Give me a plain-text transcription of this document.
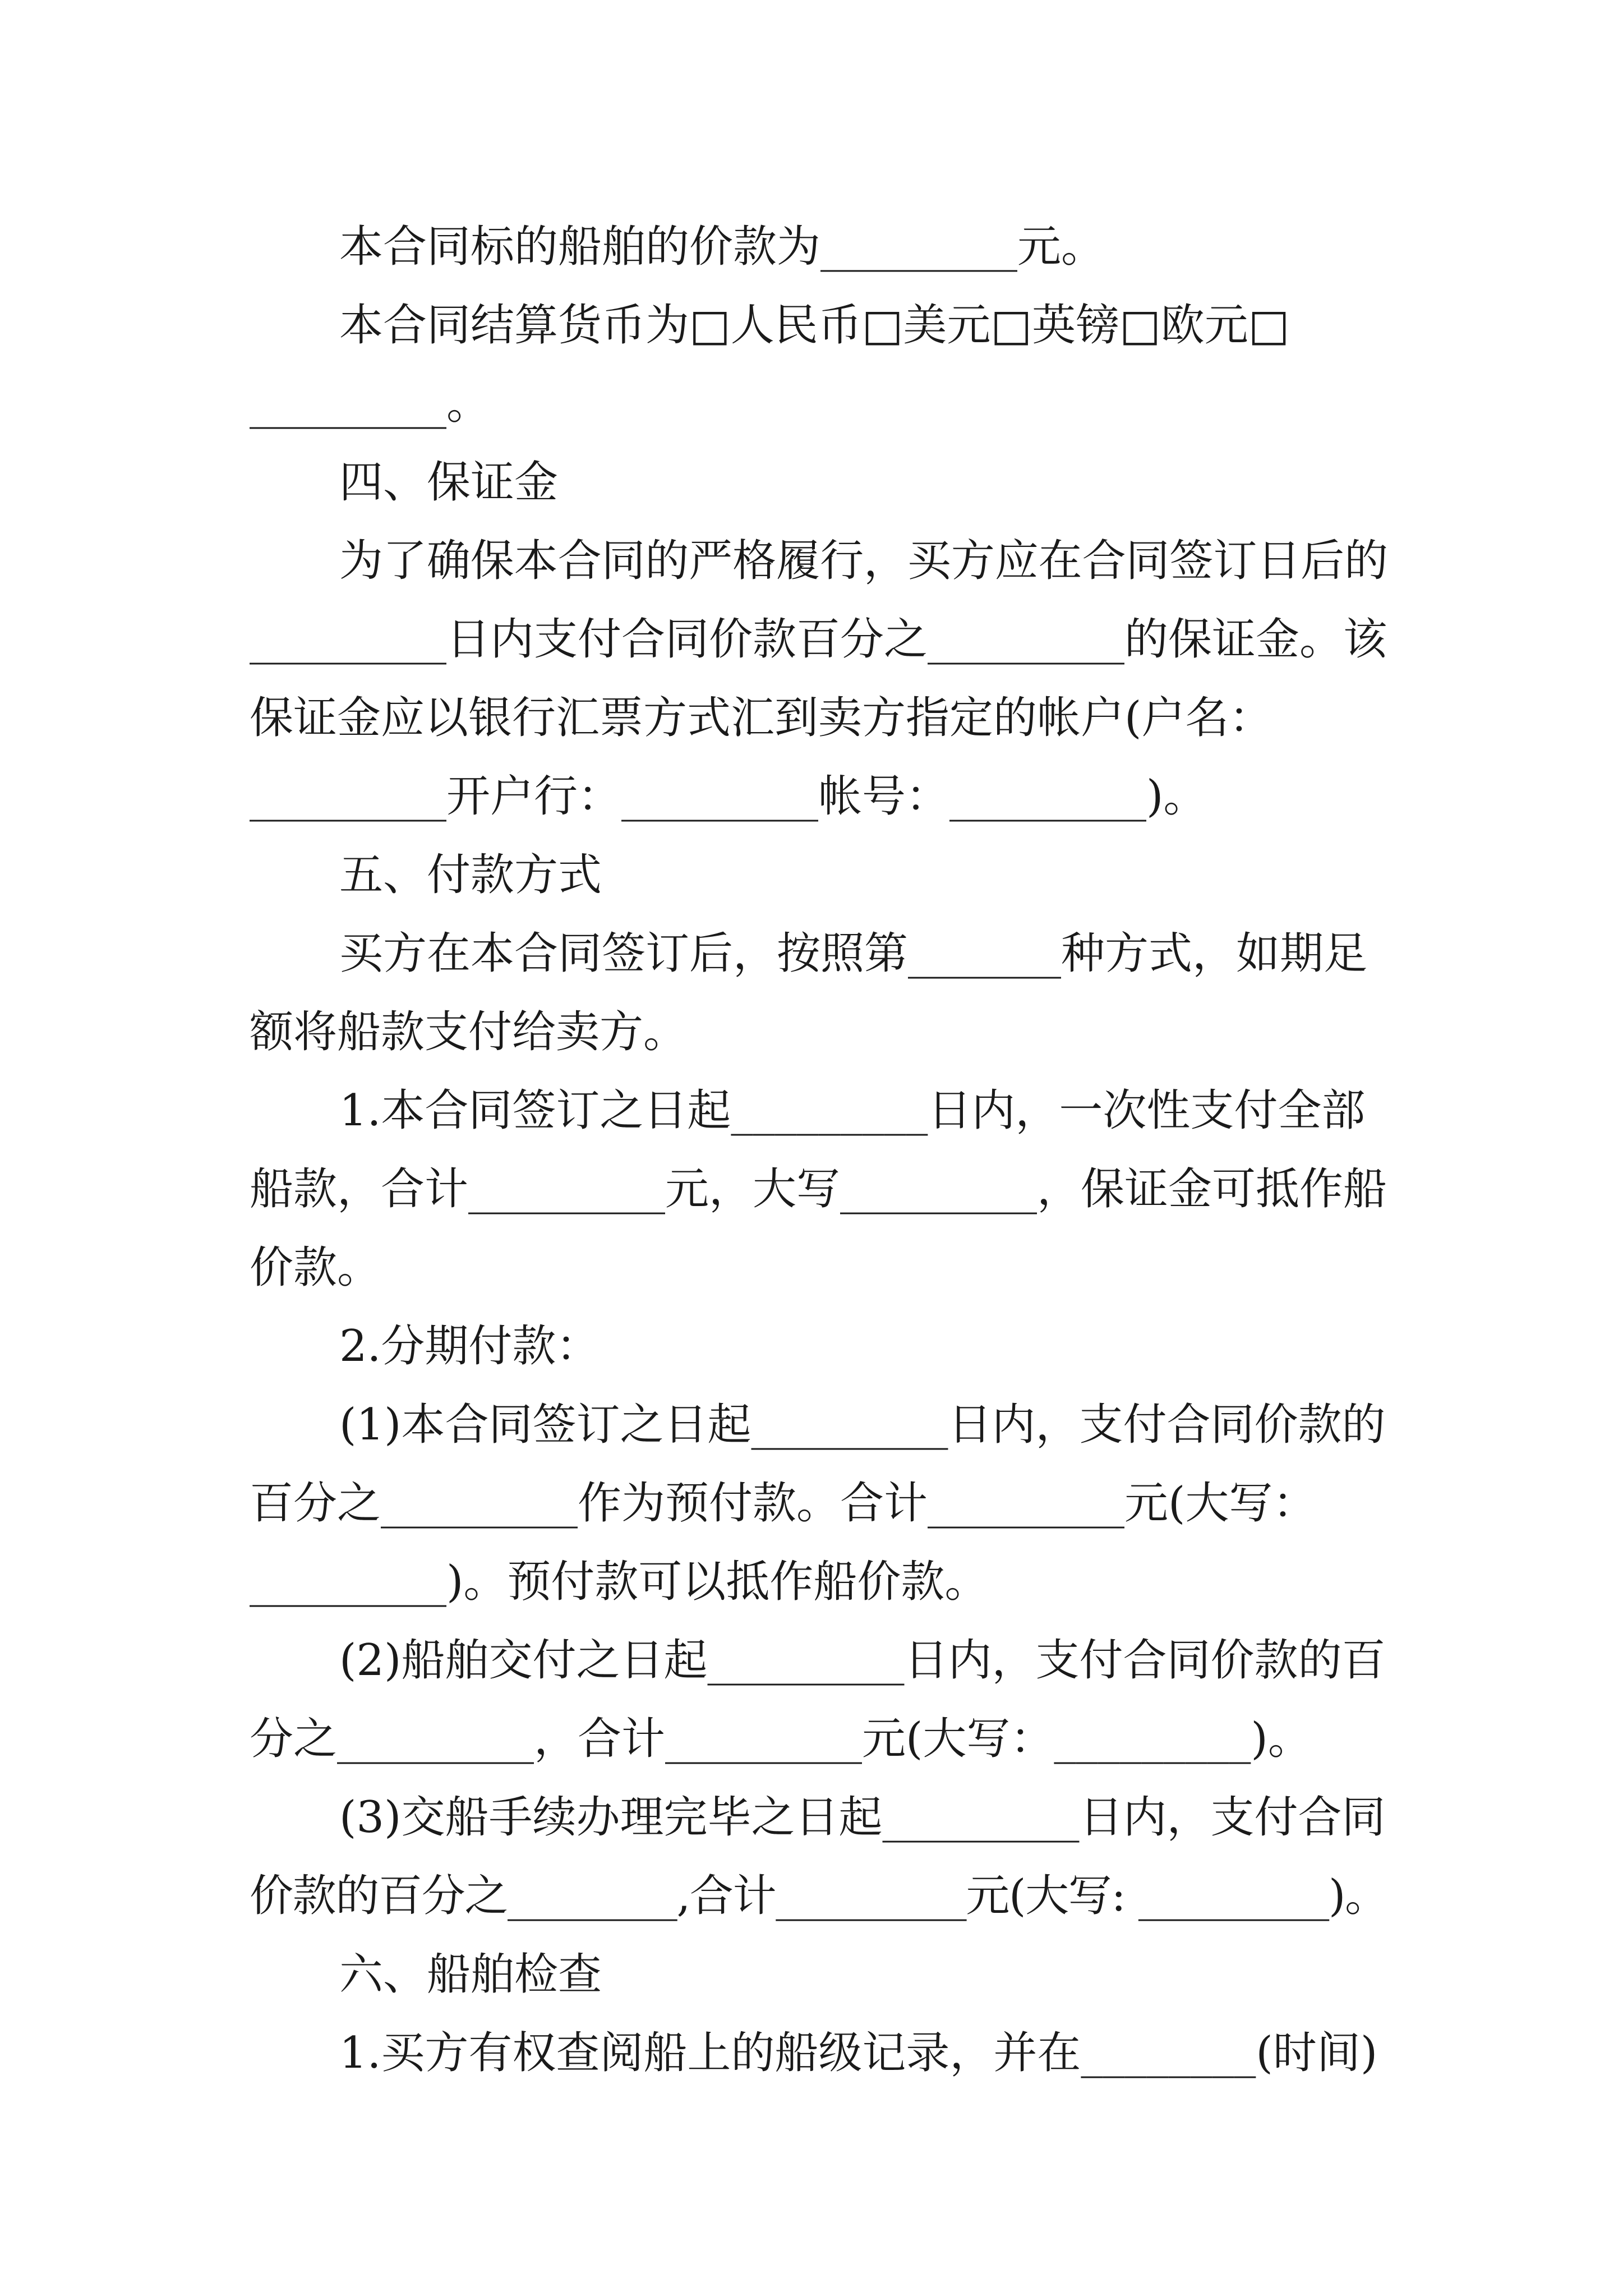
本合同标的船舶的价款为_________元。
本合同结算货币为□人民币□美元□英镑□欧元□
_________。
四、保证金
为了确保本合同的严格履行，买方应在合同签订日后的
_________日内支付合同价款百分之_________的保证金。该
保证金应以银行汇票方式汇到卖方指定的帐户(户名：
_________开户行：_________帐号：_________)。
五、付款方式
买方在本合同签订后，按照第_______种方式，如期足
额将船款支付给卖方。
1.本合同签订之日起_________日内，一次性支付全部
船款，合计_________元，大写_________，保证金可抵作船
价款。
2.分期付款：
(1)本合同签订之日起_________日内，支付合同价款的
百分之_________作为预付款。合计_________元(大写：
_________)。预付款可以抵作船价款。
(2)船舶交付之日起_________日内，支付合同价款的百
分之_________，合计_________元(大写：_________)。
(3)交船手续办理完毕之日起_________日内，支付合同
价款的百分之________,合计_________元(大写: _________)。
六、船舶检查
1.买方有权查阅船上的船级记录，并在________(时间)
